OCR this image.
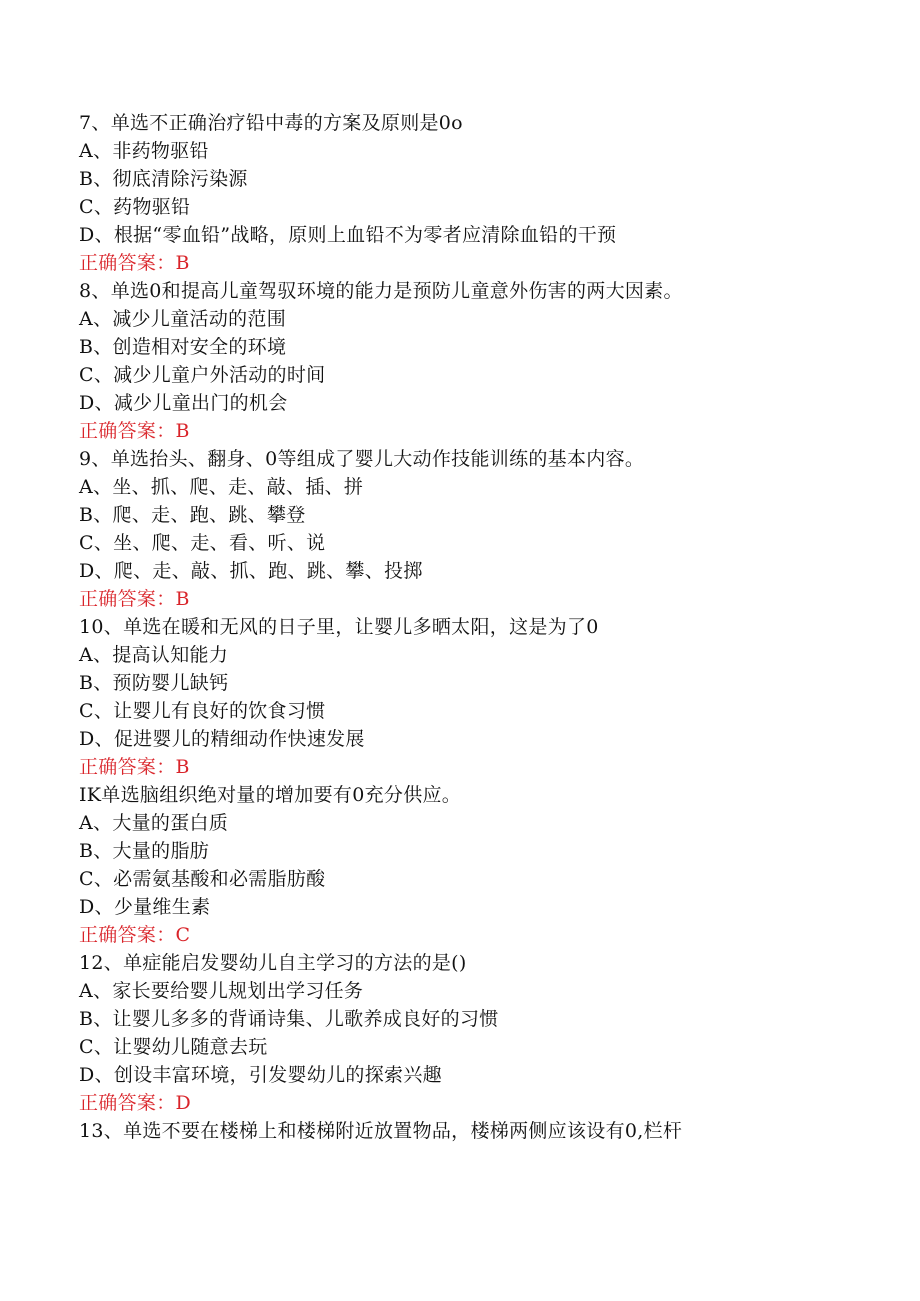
7、单选不正确治疗铅中毒的方案及原则是0o
A、非药物驱铅
B、彻底清除污染源
C、药物驱铅
D、根据“零血铅”战略，原则上血铅不为零者应清除血铅的干预
正确答案：B
8、单选0和提高儿童驾驭环境的能力是预防儿童意外伤害的两大因素。
A、减少儿童活动的范围
B、创造相对安全的环境
C、减少儿童户外活动的时间
D、减少儿童出门的机会
正确答案：B
9、单选抬头、翻身、0等组成了婴儿大动作技能训练的基本内容。
A、坐、抓、爬、走、敲、插、拼
B、爬、走、跑、跳、攀登
C、坐、爬、走、看、听、说
D、爬、走、敲、抓、跑、跳、攀、投掷
正确答案：B
10、单选在暖和无风的日子里，让婴儿多晒太阳，这是为了0
A、提高认知能力
B、预防婴儿缺钙
C、让婴儿有良好的饮食习惯
D、促进婴儿的精细动作快速发展
正确答案：B
IK单选脑组织绝对量的增加要有0充分供应。
A、大量的蛋白质
B、大量的脂肪
C、必需氨基酸和必需脂肪酸
D、少量维生素
正确答案：C
12、单症能启发婴幼儿自主学习的方法的是()
A、家长要给婴儿规划出学习任务
B、让婴儿多多的背诵诗集、儿歌养成良好的习惯
C、让婴幼儿随意去玩
D、创设丰富环境，引发婴幼儿的探索兴趣
正确答案：D
13、单选不要在楼梯上和楼梯附近放置物品，楼梯两侧应该设有0,栏杆
